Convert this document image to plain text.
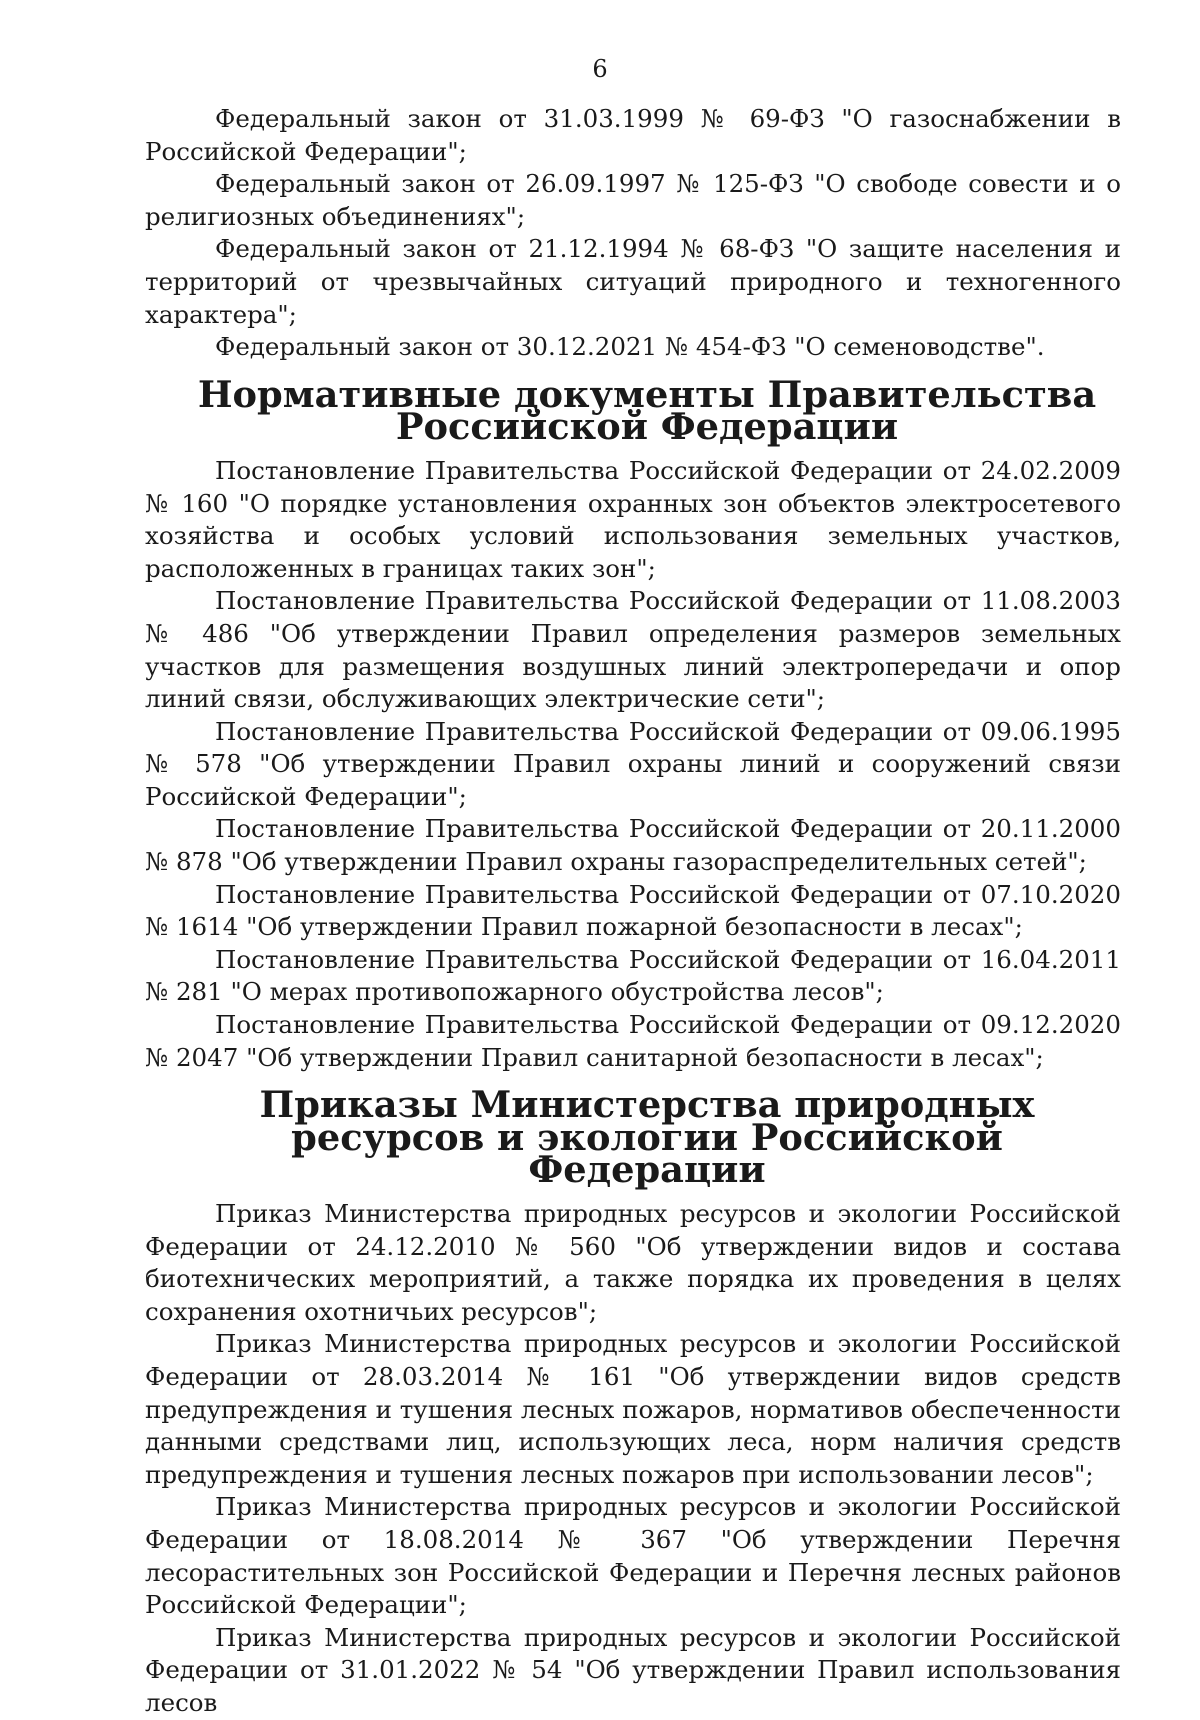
6

Федеральный закон от 31.03.1999 № 69-ФЗ "О газоснабжении в Российской Федерации";

Федеральный закон от 26.09.1997 № 125-ФЗ "О свободе совести и о религиозных объединениях";

Федеральный закон от 21.12.1994 № 68-ФЗ "О защите населения и территорий от чрезвычайных ситуаций природного и техногенного характера";

Федеральный закон от 30.12.2021 № 454-ФЗ "О семеноводстве".

Нормативные документы Правительства Российской Федерации

Постановление Правительства Российской Федерации от 24.02.2009 № 160 "О порядке установления охранных зон объектов электросетевого хозяйства и особых условий использования земельных участков, расположенных в границах таких зон";

Постановление Правительства Российской Федерации от 11.08.2003 № 486 "Об утверждении Правил определения размеров земельных участков для размещения воздушных линий электропередачи и опор линий связи, обслуживающих электрические сети";

Постановление Правительства Российской Федерации от 09.06.1995 № 578 "Об утверждении Правил охраны линий и сооружений связи Российской Федерации";

Постановление Правительства Российской Федерации от 20.11.2000 № 878 "Об утверждении Правил охраны газораспределительных сетей";

Постановление Правительства Российской Федерации от 07.10.2020 № 1614 "Об утверждении Правил пожарной безопасности в лесах";

Постановление Правительства Российской Федерации от 16.04.2011 № 281 "О мерах противопожарного обустройства лесов";

Постановление Правительства Российской Федерации от 09.12.2020 № 2047 "Об утверждении Правил санитарной безопасности в лесах";

Приказы Министерства природных ресурсов и экологии Российской Федерации

Приказ Министерства природных ресурсов и экологии Российской Федерации от 24.12.2010 № 560 "Об утверждении видов и состава биотехнических мероприятий, а также порядка их проведения в целях сохранения охотничьих ресурсов";

Приказ Министерства природных ресурсов и экологии Российской Федерации от 28.03.2014 № 161 "Об утверждении видов средств предупреждения и тушения лесных пожаров, нормативов обеспеченности данными средствами лиц, использующих леса, норм наличия средств предупреждения и тушения лесных пожаров при использовании лесов";

Приказ Министерства природных ресурсов и экологии Российской Федерации от 18.08.2014 № 367 "Об утверждении Перечня лесорастительных зон Российской Федерации и Перечня лесных районов Российской Федерации";

Приказ Министерства природных ресурсов и экологии Российской Федерации от 31.01.2022 № 54 "Об утверждении Правил использования лесов
